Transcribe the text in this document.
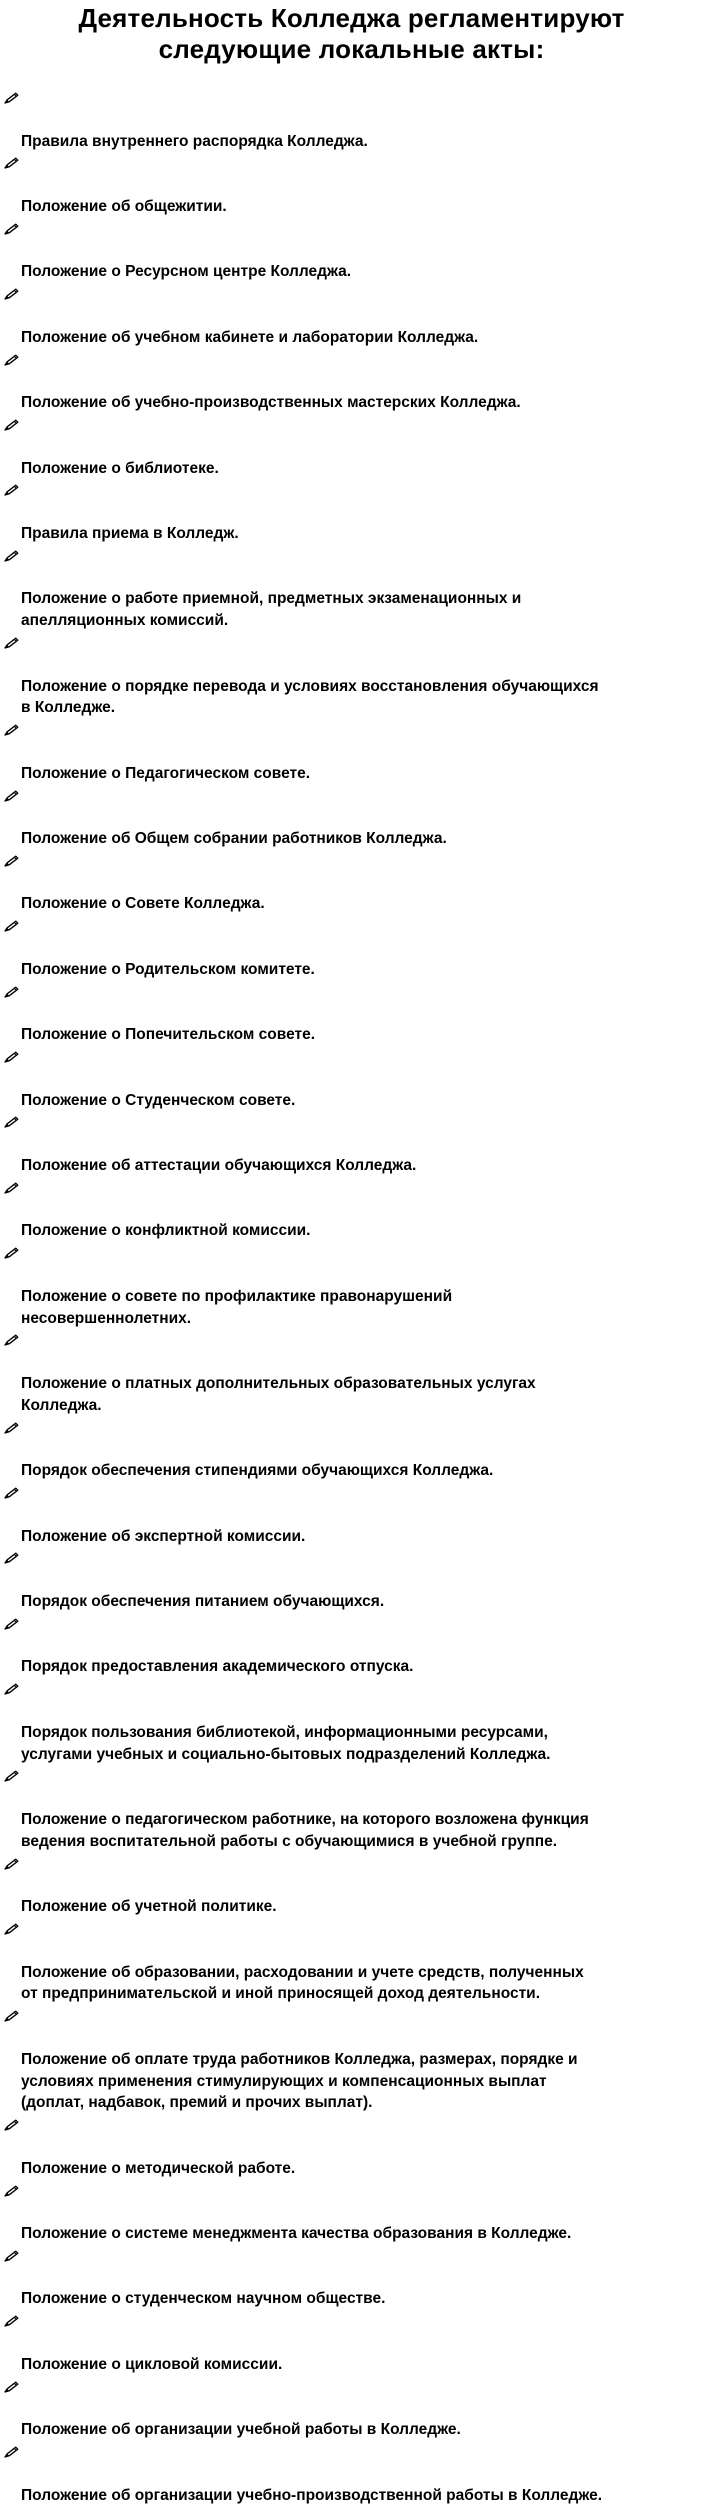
Деятельность Колледжа регламентируют
следующие локальные акты:

Правила внутреннего распорядка Колледжа.

Положение об общежитии.

Положение о Ресурсном центре Колледжа.

Положение об учебном кабинете и лаборатории Колледжа.

Положение об учебно-производственных мастерских Колледжа.

Положение о библиотеке.

Правила приема в Колледж.

Положение о работе приемной, предметных экзаменационных и
апелляционных комиссий.

Положение о порядке перевода и условиях восстановления обучающихся
в Колледже.

Положение о Педагогическом совете.

Положение об Общем собрании работников Колледжа.

Положение о Совете Колледжа.

Положение о Родительском комитете.

Положение о Попечительском совете.

Положение о Студенческом совете.

Положение об аттестации обучающихся Колледжа.

Положение о конфликтной комиссии.

Положение о совете по профилактике правонарушений
несовершеннолетних.

Положение о платных дополнительных образовательных услугах
Колледжа.

Порядок обеспечения стипендиями обучающихся Колледжа.

Положение об экспертной комиссии.

Порядок обеспечения питанием обучающихся.

Порядок предоставления академического отпуска.

Порядок пользования библиотекой, информационными ресурсами,
услугами учебных и социально-бытовых подразделений Колледжа.

Положение о педагогическом работнике, на которого возложена функция
ведения воспитательной работы с обучающимися в учебной группе.

Положение об учетной политике.

Положение об образовании, расходовании и учете средств, полученных
от предпринимательской и иной приносящей доход деятельности.

Положение об оплате труда работников Колледжа, размерах, порядке и
условиях применения стимулирующих и компенсационных выплат
(доплат, надбавок, премий и прочих выплат).

Положение о методической работе.

Положение о системе менеджмента качества образования в Колледже.

Положение о студенческом научном обществе.

Положение о цикловой комиссии.

Положение об организации учебной работы в Колледже.

Положение об организации учебно-производственной работы в Колледже.
